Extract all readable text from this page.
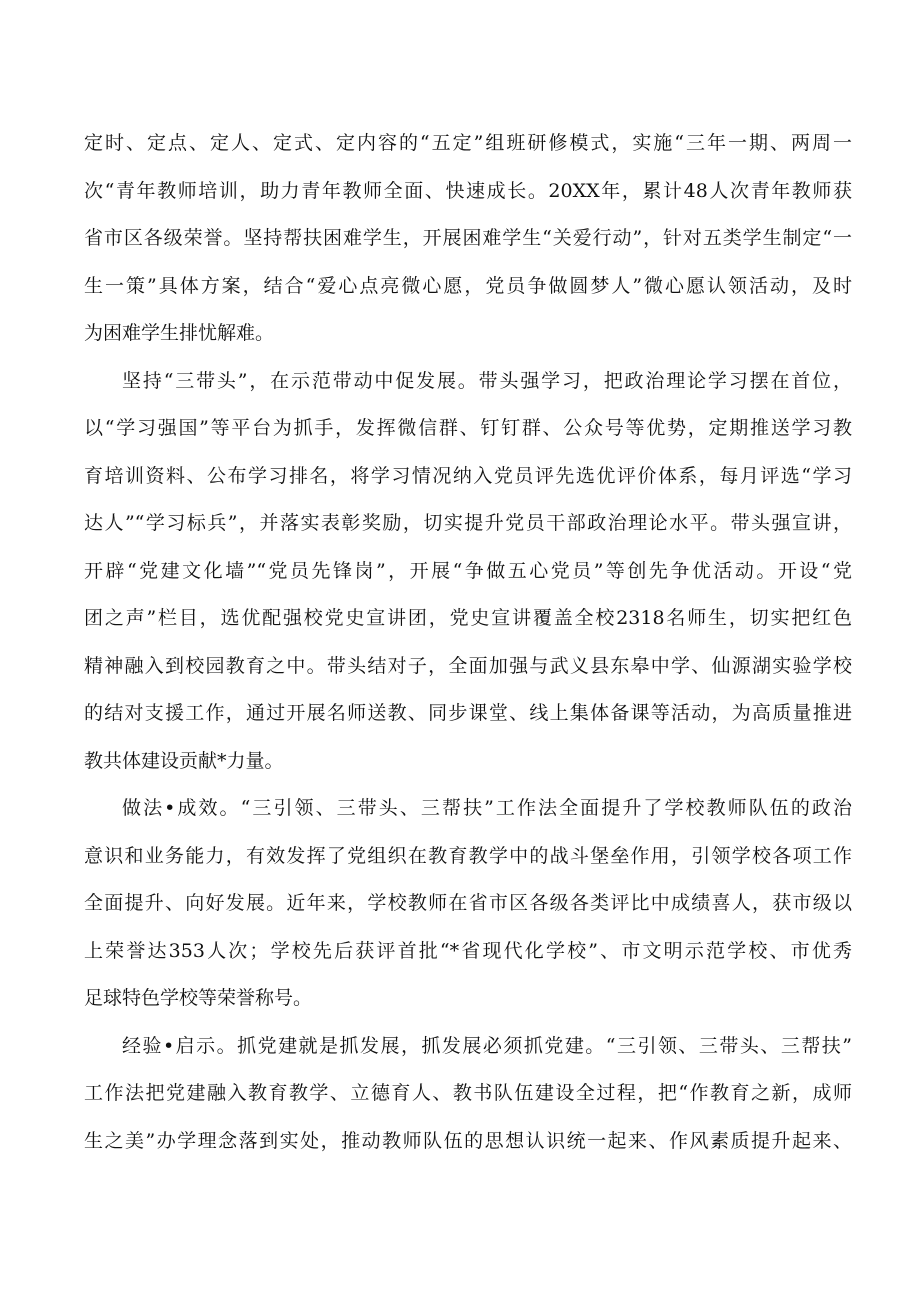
定时、定点、定人、定式、定内容的“五定”组班研修模式，实施“三年一期、两周一
次“青年教师培训，助力青年教师全面、快速成长。20XX年，累计48人次青年教师获
省市区各级荣誉。坚持帮扶困难学生，开展困难学生“关爱行动”，针对五类学生制定“一
生一策”具体方案，结合“爱心点亮微心愿，党员争做圆梦人”微心愿认领活动，及时
为困难学生排忧解难。
坚持“三带头”，在示范带动中促发展。带头强学习，把政治理论学习摆在首位，
以“学习强国”等平台为抓手，发挥微信群、钉钉群、公众号等优势，定期推送学习教
育培训资料、公布学习排名，将学习情况纳入党员评先选优评价体系，每月评选“学习
达人”“学习标兵”，并落实表彰奖励，切实提升党员干部政治理论水平。带头强宣讲，
开辟“党建文化墙”“党员先锋岗”，开展“争做五心党员”等创先争优活动。开设“党
团之声”栏目，选优配强校党史宣讲团，党史宣讲覆盖全校2318名师生，切实把红色
精神融入到校园教育之中。带头结对子，全面加强与武义县东皋中学、仙源湖实验学校
的结对支援工作，通过开展名师送教、同步课堂、线上集体备课等活动，为高质量推进
教共体建设贡献*力量。
做法•成效。“三引领、三带头、三帮扶”工作法全面提升了学校教师队伍的政治
意识和业务能力，有效发挥了党组织在教育教学中的战斗堡垒作用，引领学校各项工作
全面提升、向好发展。近年来，学校教师在省市区各级各类评比中成绩喜人，获市级以
上荣誉达353人次；学校先后获评首批“*省现代化学校”、市文明示范学校、市优秀
足球特色学校等荣誉称号。
经验•启示。抓党建就是抓发展，抓发展必须抓党建。“三引领、三带头、三帮扶”
工作法把党建融入教育教学、立德育人、教书队伍建设全过程，把“作教育之新，成师
生之美”办学理念落到实处，推动教师队伍的思想认识统一起来、作风素质提升起来、
